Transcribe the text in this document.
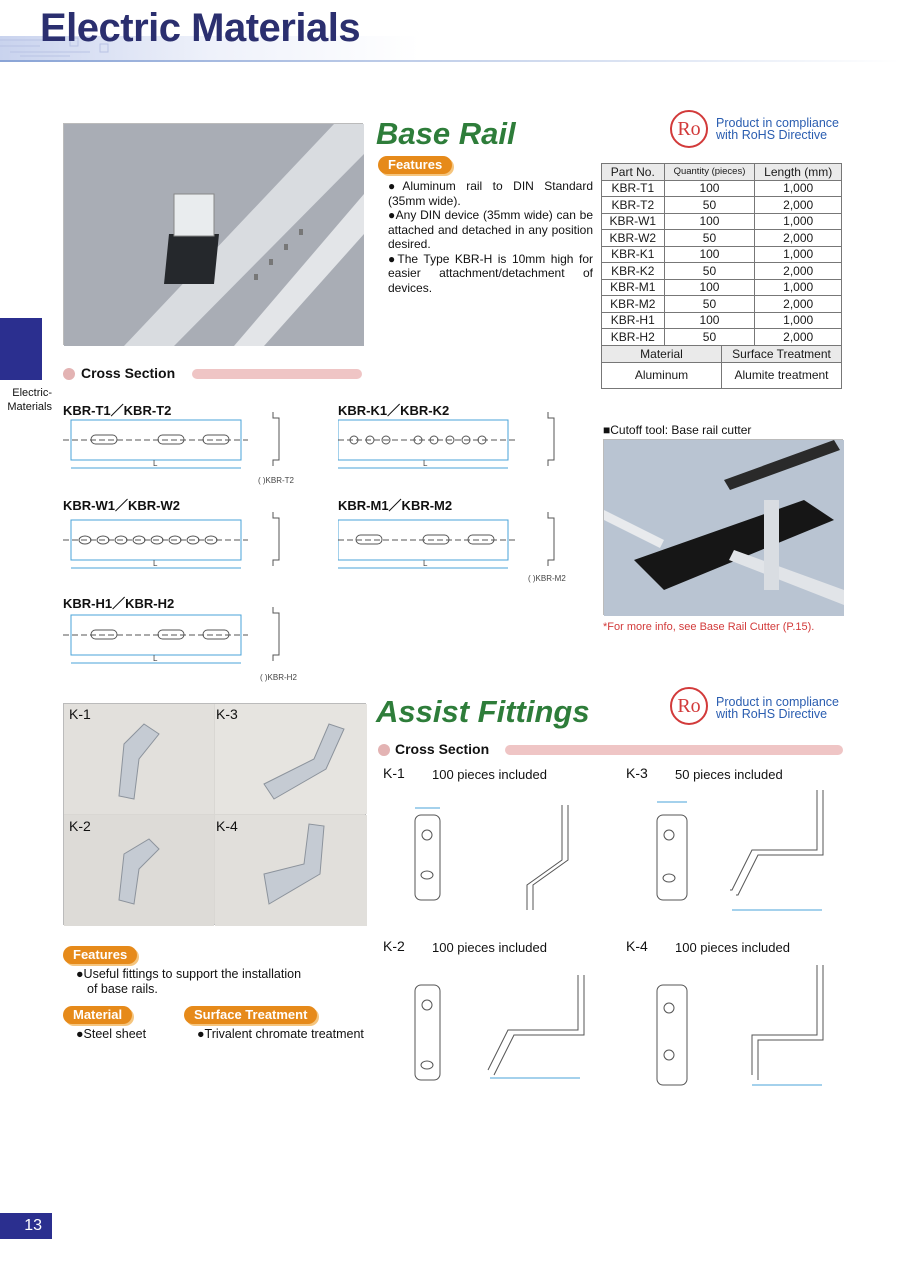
Electric Materials
Electric-
Materials
Base Rail	Ro	Product in compliance
with RoHS Directive
Features
●Aluminum rail to DIN Standard (35mm wide).
●Any DIN device (35mm wide) can be attached and detached in any position desired.
●The Type KBR-H is 10mm high for easier attachment/detachment of devices.
Part No.	Quantity (pieces)	Length (mm)
KBR-T1	100	1,000
KBR-T2	50	2,000
KBR-W1	100	1,000
KBR-W2	50	2,000
KBR-K1	100	1,000
KBR-K2	50	2,000
KBR-M1	100	1,000
KBR-M2	50	2,000
KBR-H1	100	1,000
KBR-H2	50	2,000
Material	Surface Treatment
Aluminum	Alumite treatment
Cross Section
KBR-T1／KBR-T2
L
( )KBR-T2
KBR-K1／KBR-K2
L
KBR-W1／KBR-W2
L
KBR-M1／KBR-M2
L
( )KBR-M2
KBR-H1／KBR-H2
L
( )KBR-H2
■Cutoff tool: Base rail cutter
*For more info, see Base Rail Cutter (P.15).
K-1	K-3
K-2	K-4
Assist Fittings	Ro	Product in compliance
with RoHS Directive
Cross Section
K-1 100 pieces included	K-3 50 pieces included
K-2 100 pieces included	K-4 100 pieces included
Features
●Useful fittings to support the installation
of base rails.
Material
●Steel sheet
Surface Treatment
●Trivalent chromate treatment
13
